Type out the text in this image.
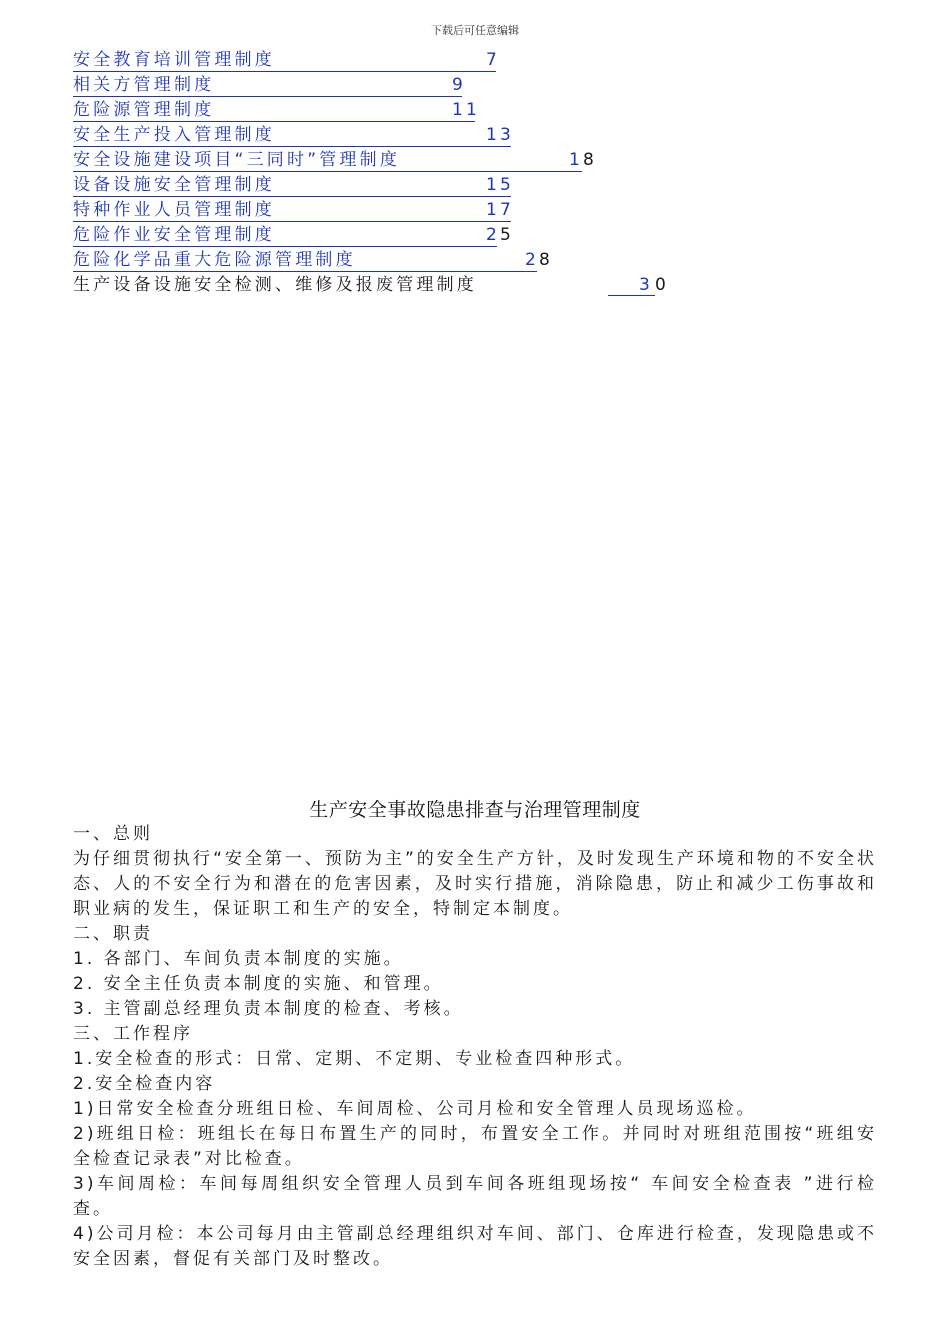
下载后可任意编辑
安全教育培训管理制度	7
相关方管理制度	9
危险源管理制度	11
安全生产投入管理制度	13
安全设施建设项目“三同时”管理制度	1 8
设备设施安全管理制度	15
特种作业人员管理制度	17
危险作业安全管理制度	2 5
危险化学品重大危险源管理制度	2 8
生产设备设施安全检测、维修及报废管理制度	3 0
生产安全事故隐患排查与治理管理制度
一、总则
为仔细贯彻执行“安全第一、预防为主”的安全生产方针，及时发现生产环境和物的不安全状态、人的不安全行为和潜在的危害因素，及时实行措施，消除隐患，防止和减少工伤事故和职业病的发生，保证职工和生产的安全，特制定本制度。
二、职责
1. 各部门、车间负责本制度的实施。
2. 安全主任负责本制度的实施、和管理。
3. 主管副总经理负责本制度的检查、考核。
三、工作程序
1.安全检查的形式：日常、定期、不定期、专业检查四种形式。
2.安全检查内容
1)日常安全检查分班组日检、车间周检、公司月检和安全管理人员现场巡检。
2)班组日检：班组长在每日布置生产的同时，布置安全工作。并同时对班组范围按“班组安全检查记录表”对比检查。
3)车间周检：车间每周组织安全管理人员到车间各班组现场按“ 车间安全检查表 ”进行检查。
4)公司月检：本公司每月由主管副总经理组织对车间、部门、仓库进行检查，发现隐患或不安全因素，督促有关部门及时整改。
